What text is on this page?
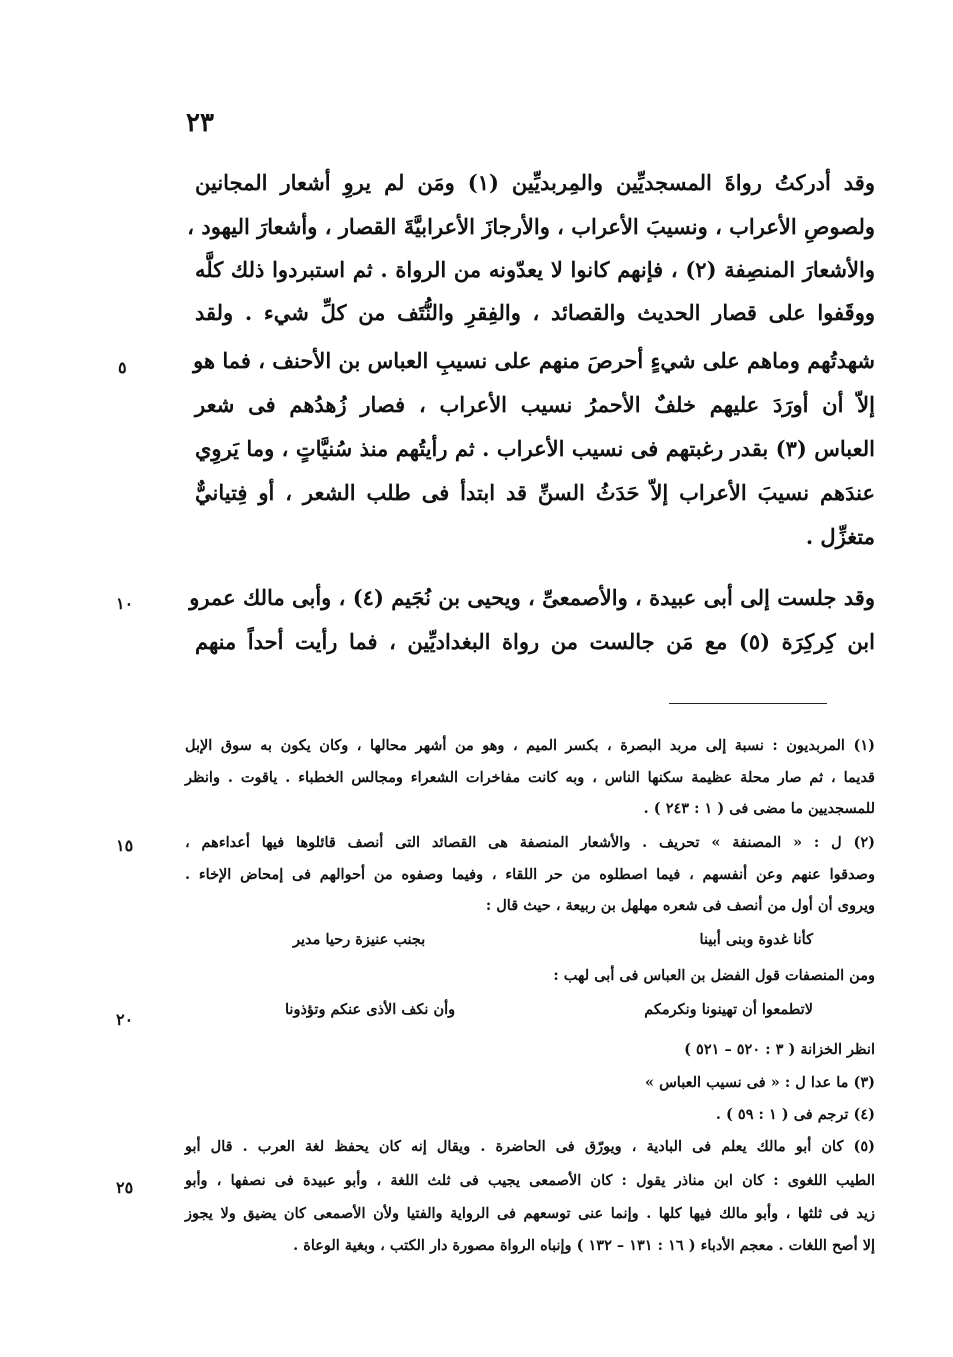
٢٣
وقد أدركتُ رواةَ المسجديِّين والمِربديِّين (١) ومَن لم يروِ أشعار المجانين
ولصوصِ الأعراب ، ونسيبَ الأعراب ، والأرجازَ الأعرابيَّةَ القصار ، وأشعارَ اليهود ،
والأشعارَ المنصِفة (٢) ، فإنهم كانوا لا يعدّونه من الرواة . ثم استبردوا ذلك كلَّه
ووقَفوا على قصار الحديث والقصائد ، والفِقرِ والنُّتَف من كلِّ شيء . ولقد
شهدتُهم وماهم على شيءٍ أحرصَ منهم على نسيبِ العباس بن الأحنف ، فما هو
إلاّ أن أورَدَ عليهم خلفٌ الأحمرُ نسيب الأعراب ، فصار زُهدُهم فى شعر
العباس (٣) بقدر رغبتهم فى نسيب الأعراب . ثم رأيتُهم منذ سُنيَّاتٍ ، وما يَروِي
عندَهم نسيبَ الأعراب إلاّ حَدَثُ السنِّ قد ابتدأ فى طلب الشعر ، أو فِتيانيٌّ
متغزِّل .
وقد جلست إلى أبى عبيدة ، والأصمعىِّ ، ويحيى بن نُجَيم (٤) ، وأبى مالك عمرو
ابن كِركِرَة (٥) مع مَن جالست من رواة البغداديِّين ، فما رأيت أحداً منهم
٥
١٠
١٥
٢٠
٢٥
(١) المربديون : نسبة إلى مربد البصرة ، بكسر الميم ، وهو من أشهر محالها ، وكان يكون به سوق الإبل
قديما ، ثم صار محلة عظيمة سكنها الناس ، وبه كانت مفاخرات الشعراء ومجالس الخطباء . ياقوت . وانظر
للمسجديين ما مضى فى ( ١ : ٢٤٣ ) .
(٢) ل : « المصنفة » تحريف . والأشعار المنصفة هى القصائد التى أنصف قائلوها فيها أعداءهم ،
وصدقوا عنهم وعن أنفسهم ، فيما اصطلوه من حر اللقاء ، وفيما وصفوه من أحوالهم فى إمحاض الإخاء .
ويروى أن أول من أنصف فى شعره مهلهل بن ربيعة ، حيث قال :
كأنا غدوة وبنى أبينا
بجنب عنيزة رحيا مدير
ومن المنصفات قول الفضل بن العباس فى أبى لهب :
لاتطمعوا أن تهينونا ونكرمكم
وأن نكف الأذى عنكم وتؤذونا
انظر الخزانة ( ٣ : ٥٢٠ – ٥٢١ )
(٣) ما عدا ل : « فى نسيب العباس »
(٤) ترجم فى ( ١ : ٥٩ ) .
(٥) كان أبو مالك يعلم فى البادية ، ويورّق فى الحاضرة . ويقال إنه كان يحفظ لغة العرب . قال أبو
الطيب اللغوى : كان ابن مناذر يقول : كان الأصمعى يجيب فى ثلث اللغة ، وأبو عبيدة فى نصفها ، وأبو
زيد فى ثلثها ، وأبو مالك فيها كلها . وإنما عنى توسعهم فى الرواية والفتيا ولأن الأصمعى كان يضيق ولا يجوز
إلا أصح اللغات . معجم الأدباء ( ١٦ : ١٣١ – ١٣٢ ) وإنباه الرواة مصورة دار الكتب ، وبغية الوعاة .
